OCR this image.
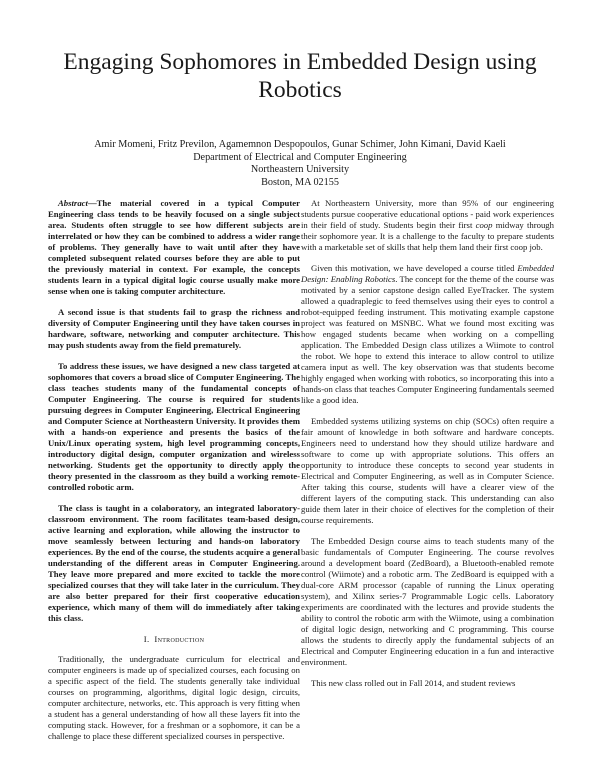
Engaging Sophomores in Embedded Design using Robotics
Amir Momeni, Fritz Previlon, Agamemnon Despopoulos, Gunar Schimer, John Kimani, David Kaeli
Department of Electrical and Computer Engineering
Northeastern University
Boston, MA 02155

Abstract—The material covered in a typical Computer Engineering class tends to be heavily focused on a single subject area. Students often struggle to see how different subjects are interrelated or how they can be combined to address a wider range of problems. They generally have to wait until after they have completed subsequent related courses before they are able to put the previously material in context. For example, the concepts students learn in a typical digital logic course usually make more sense when one is taking computer architecture.

A second issue is that students fail to grasp the richness and diversity of Computer Engineering until they have taken courses in hardware, software, networking and computer architecture. This may push students away from the field prematurely.

To address these issues, we have designed a new class targeted at sophomores that covers a broad slice of Computer Engineering. The class teaches students many of the fundamental concepts of Computer Engineering. The course is required for students pursuing degrees in Computer Engineering, Electrical Engineering and Computer Science at Northeastern University. It provides them with a hands-on experience and presents the basics of the Unix/Linux operating system, high level programming concepts, introductory digital design, computer organization and wireless networking. Students get the opportunity to directly apply the theory presented in the classroom as they build a working remote-controlled robotic arm.

The class is taught in a colaboratory, an integrated laboratory-classroom environment. The room facilitates team-based design, active learning and exploration, while allowing the instructor to move seamlessly between lecturing and hands-on laboratory experiences. By the end of the course, the students acquire a general understanding of the different areas in Computer Engineering. They leave more prepared and more excited to tackle the more specialized courses that they will take later in the curriculum. They are also better prepared for their first cooperative education experience, which many of them will do immediately after taking this class.

I. Introduction

Traditionally, the undergraduate curriculum for electrical and computer engineers is made up of specialized courses, each focusing on a specific aspect of the field. The students generally take individual courses on programming, algorithms, digital logic design, circuits, computer architecture, networks, etc. This approach is very fitting when a student has a general understanding of how all these layers fit into the computing stack. However, for a freshman or a sophomore, it can be a challenge to place these different specialized courses in perspective.

At Northeastern University, more than 95% of our engineering students pursue cooperative educational options - paid work experiences in their field of study. Students begin their first coop midway through their sophomore year. It is a challenge to the faculty to prepare students with a marketable set of skills that help them land their first coop job.

Given this motivation, we have developed a course titled Embedded Design: Enabling Robotics. The concept for the theme of the course was motivated by a senior capstone design called EyeTracker. The system allowed a quadraplegic to feed themselves using their eyes to control a robot-equipped feeding instrument. This motivating example capstone project was featured on MSNBC. What we found most exciting was how engaged students became when working on a compelling application. The Embedded Design class utilizes a Wiimote to control the robot. We hope to extend this interace to allow control to utilize camera input as well. The key observation was that students become highly engaged when working with robotics, so incorporating this into a hands-on class that teaches Computer Engineering fundamentals seemed like a good idea.

Embedded systems utilizing systems on chip (SOCs) often require a fair amount of knowledge in both software and hardware concepts. Engineers need to understand how they should utilize hardware and software to come up with appropriate solutions. This offers an opportunity to introduce these concepts to second year students in Electrical and Computer Engineering, as well as in Computer Science. After taking this course, students will have a clearer view of the different layers of the computing stack. This understanding can also guide them later in their choice of electives for the completion of their course requirements.

The Embedded Design course aims to teach students many of the basic fundamentals of Computer Engineering. The course revolves around a development board (ZedBoard), a Bluetooth-enabled remote control (Wiimote) and a robotic arm. The ZedBoard is equipped with a dual-core ARM processor (capable of running the Linux operating system), and Xilinx series-7 Programmable Logic cells. Laboratory experiments are coordinated with the lectures and provide students the ability to control the robotic arm with the Wiimote, using a combination of digital logic design, networking and C programming. This course allows the students to directly apply the fundamental subjects of an Electrical and Computer Engineering education in a fun and interactive environment.

This new class rolled out in Fall 2014, and student reviews
